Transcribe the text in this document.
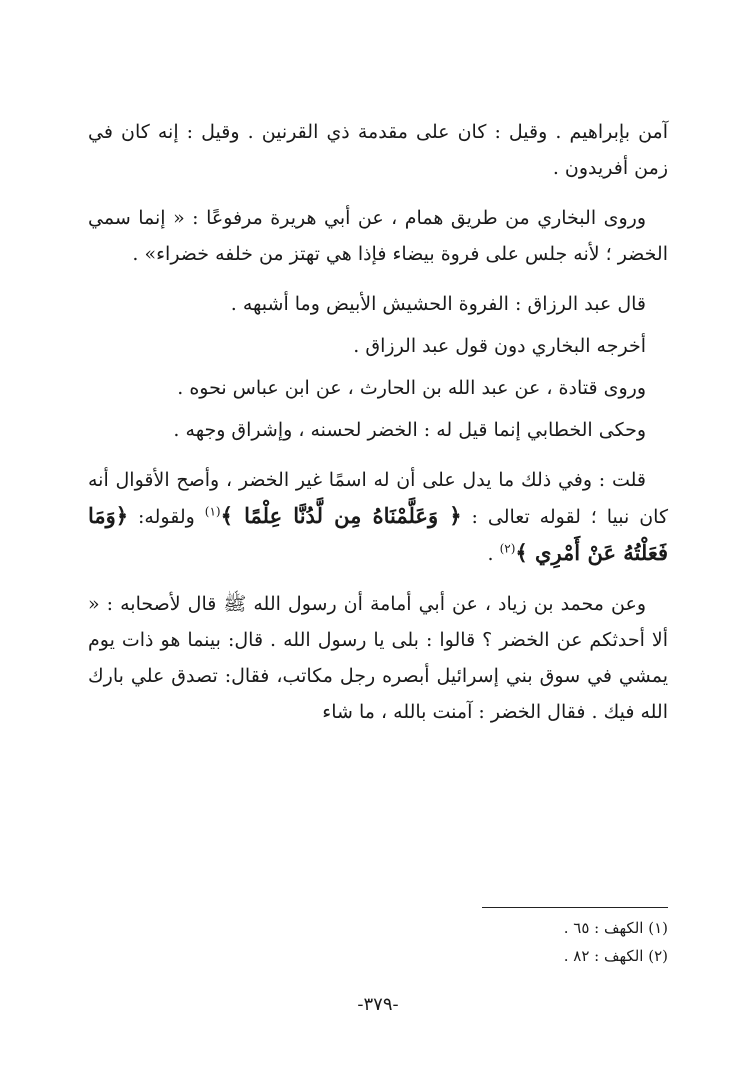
آمن بإبراهيم . وقيل : كان على مقدمة ذي القرنين . وقيل : إنه كان في زمن أفريدون .

وروى البخاري من طريق همام ، عن أبي هريرة مرفوعًا : « إنما سمي الخضر ؛ لأنه جلس على فروة بيضاء فإذا هي تهتز من خلفه خضراء» .

قال عبد الرزاق : الفروة الحشيش الأبيض وما أشبهه .

أخرجه البخاري دون قول عبد الرزاق .

وروى قتادة ، عن عبد الله بن الحارث ، عن ابن عباس نحوه .

وحكى الخطابي إنما قيل له : الخضر لحسنه ، وإشراق وجهه .

قلت : وفي ذلك ما يدل على أن له اسمًا غير الخضر ، وأصح الأقوال أنه كان نبيا ؛ لقوله تعالى : ﴿ وَعَلَّمْنَاهُ مِن لَّدُنَّا عِلْمًا ﴾$^{(١)}$ ولقوله: ﴿وَمَا فَعَلْتُهُ عَنْ أَمْرِي ﴾$^{(٢)}$ .

وعن محمد بن زياد ، عن أبي أمامة أن رسول الله ﷺ قال لأصحابه : « ألا أحدثكم عن الخضر ؟ قالوا : بلى يا رسول الله . قال: بينما هو ذات يوم يمشي في سوق بني إسرائيل أبصره رجل مكاتب، فقال: تصدق علي بارك الله فيك . فقال الخضر : آمنت بالله ، ما شاء

(١) الكهف : ٦٥ .
(٢) الكهف : ٨٢ .
-٣٧٩-
